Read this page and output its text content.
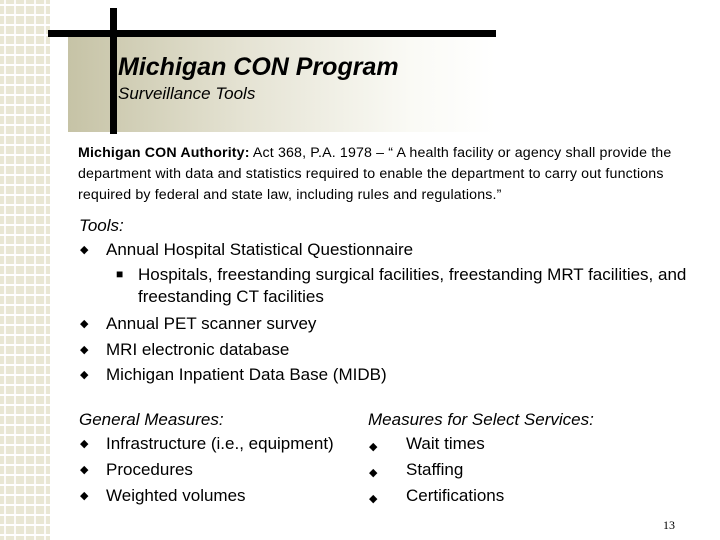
Michigan CON Program
Surveillance Tools
Michigan CON Authority: Act 368, P.A. 1978 – “ A health facility or agency shall provide the department with data and statistics required to enable the department to carry out functions required by federal and state law, including rules and regulations.”
Tools:
◆ Annual Hospital Statistical Questionnaire
■ Hospitals, freestanding surgical facilities, freestanding MRT facilities, and freestanding CT facilities
◆ Annual PET scanner survey
◆ MRI electronic database
◆ Michigan Inpatient Data Base (MIDB)
General Measures:
◆ Infrastructure (i.e., equipment)
◆ Procedures
◆ Weighted volumes
Measures for Select Services:
◆ Wait times
◆ Staffing
◆ Certifications
13
